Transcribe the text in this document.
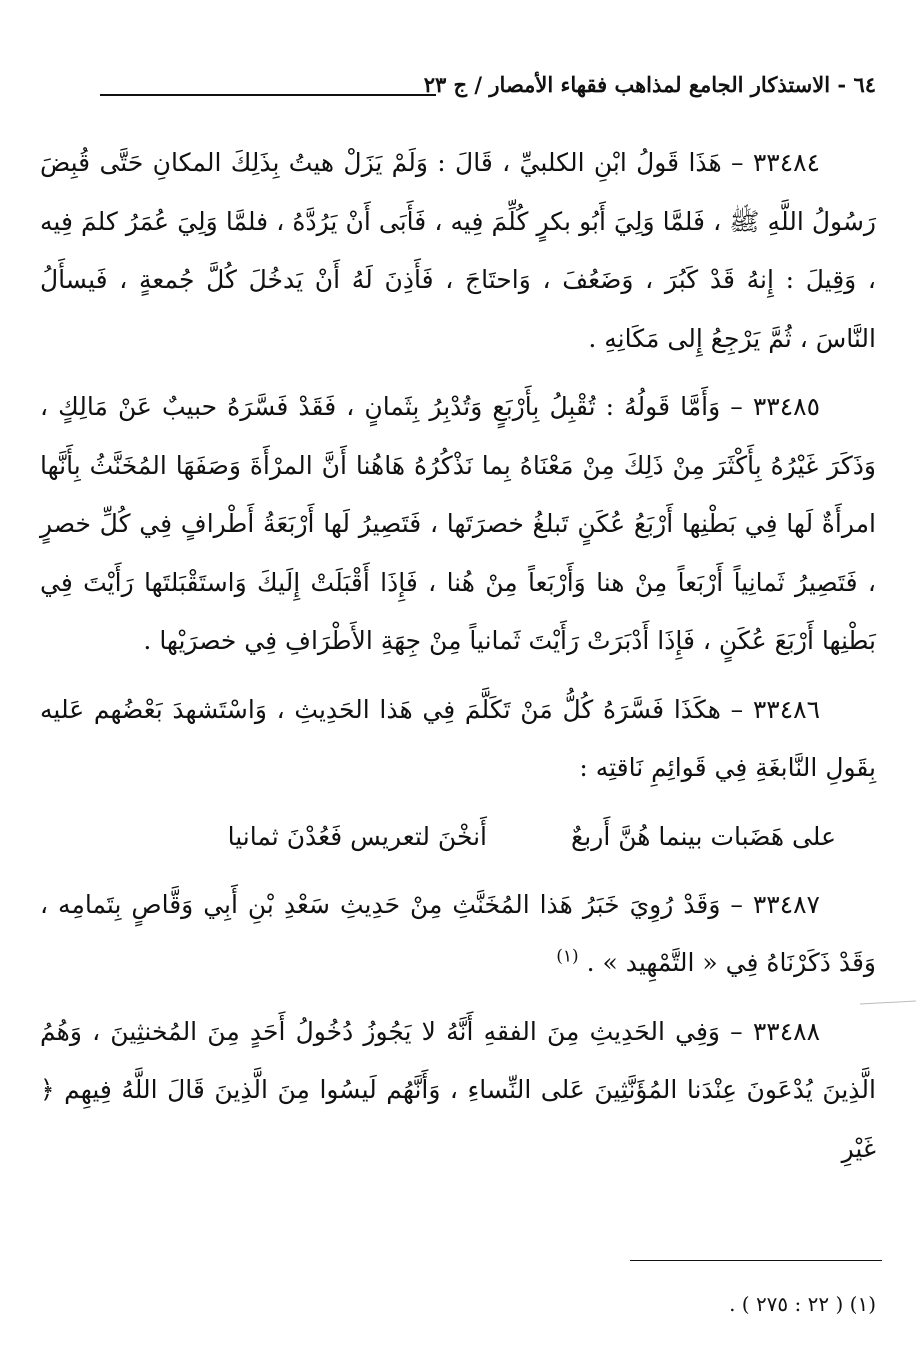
٦٤ - الاستذكار الجامع لمذاهب فقهاء الأمصار / ج ٢٣

٣٣٤٨٤ – هَذَا قَولُ ابْنِ الكلبيِّ ، قَالَ : وَلَمْ يَزَلْ هيتُ بِذَلِكَ المكانِ حَتَّى قُبِضَ رَسُولُ اللَّهِ ﷺ ، فَلمَّا وَلِيَ أَبُو بكرٍ كُلِّمَ فِيه ، فَأَبَى أَنْ يَرُدَّهُ ، فلمَّا وَلِيَ عُمَرُ كلمَ فِيه ، وَقِيلَ : إِنهُ قَدْ كَبُرَ ، وَضَعُفَ ، وَاحتَاجَ ، فَأَذِنَ لَهُ أَنْ يَدخُلَ كُلَّ جُمعةٍ ، فَيسأَلُ النَّاسَ ، ثُمَّ يَرْجِعُ إِلى مَكَانِهِ .

٣٣٤٨٥ – وَأَمَّا قَولُهُ : تُقْبِلُ بِأَرْبَعٍ وَتُدْبِرُ بِثَمانٍ ، فَقَدْ فَسَّرَهُ حبيبٌ عَنْ مَالِكٍ ، وَذَكَرَ غَيْرُهُ بِأَكْثَرَ مِنْ ذَلِكَ مِنْ مَعْنَاهُ بِما نَذْكُرُهُ هَاهُنا أَنَّ المرْأَةَ وَصَفَهَا المُخَنَّثُ بِأَنَّها امرأَةٌ لَها فِي بَطْنِها أَرْبَعُ عُكَنٍ تَبلغُ خصرَتَها ، فَتَصِيرُ لَها أَرْبَعَةُ أَطْرافٍ فِي كُلِّ خصرٍ ، فَتَصِيرُ ثَمانِياً أَرْبَعاً مِنْ هنا وَأَرْبَعاً مِنْ هُنا ، فَإِذَا أَقْبَلَتْ إِلَيكَ وَاستَقْبَلتَها رَأَيْتَ فِي بَطْنِها أَرْبَعَ عُكَنٍ ، فَإِذَا أَدْبَرَتْ رَأَيْتَ ثَمانياً مِنْ جِهَةِ الأَطْرَافِ فِي خصرَيْها .

٣٣٤٨٦ – هكَذَا فَسَّرَهُ كُلُّ مَنْ تَكَلَّمَ فِي هَذا الحَدِيثِ ، وَاسْتَشهدَ بَعْضُهم عَليه بِقَولِ النَّابغَةِ فِي قَوائِمِ نَاقتِه :

على هَضَبات بينما هُنَّ أَربعٌ
أَنخْنَ لتعريس فَعُدْنَ ثمانيا

٣٣٤٨٧ – وَقَدْ رُوِيَ خَبَرُ هَذا المُخَنَّثِ مِنْ حَدِيثِ سَعْدِ بْنِ أَبِي وَقَّاصٍ بِتَمامِه ، وَقَدْ ذَكَرْنَاهُ فِي « التَّمْهِيد » . $^{(١)}$

٣٣٤٨٨ – وَفِي الحَدِيثِ مِنَ الفقهِ أَنَّهُ لا يَجُوزُ دُخُولُ أَحَدٍ مِنَ المُخنثِينَ ، وَهُمُ الَّذِينَ يُدْعَونَ عِنْدَنا المُؤَنَّثِينَ عَلى النِّساءِ ، وَأَنَّهُم لَيسُوا مِنَ الَّذِينَ قَالَ اللَّهُ فِيهِم ﴿ غَيْرِ

(١) ( ٢٢ : ٢٧٥ ) .
